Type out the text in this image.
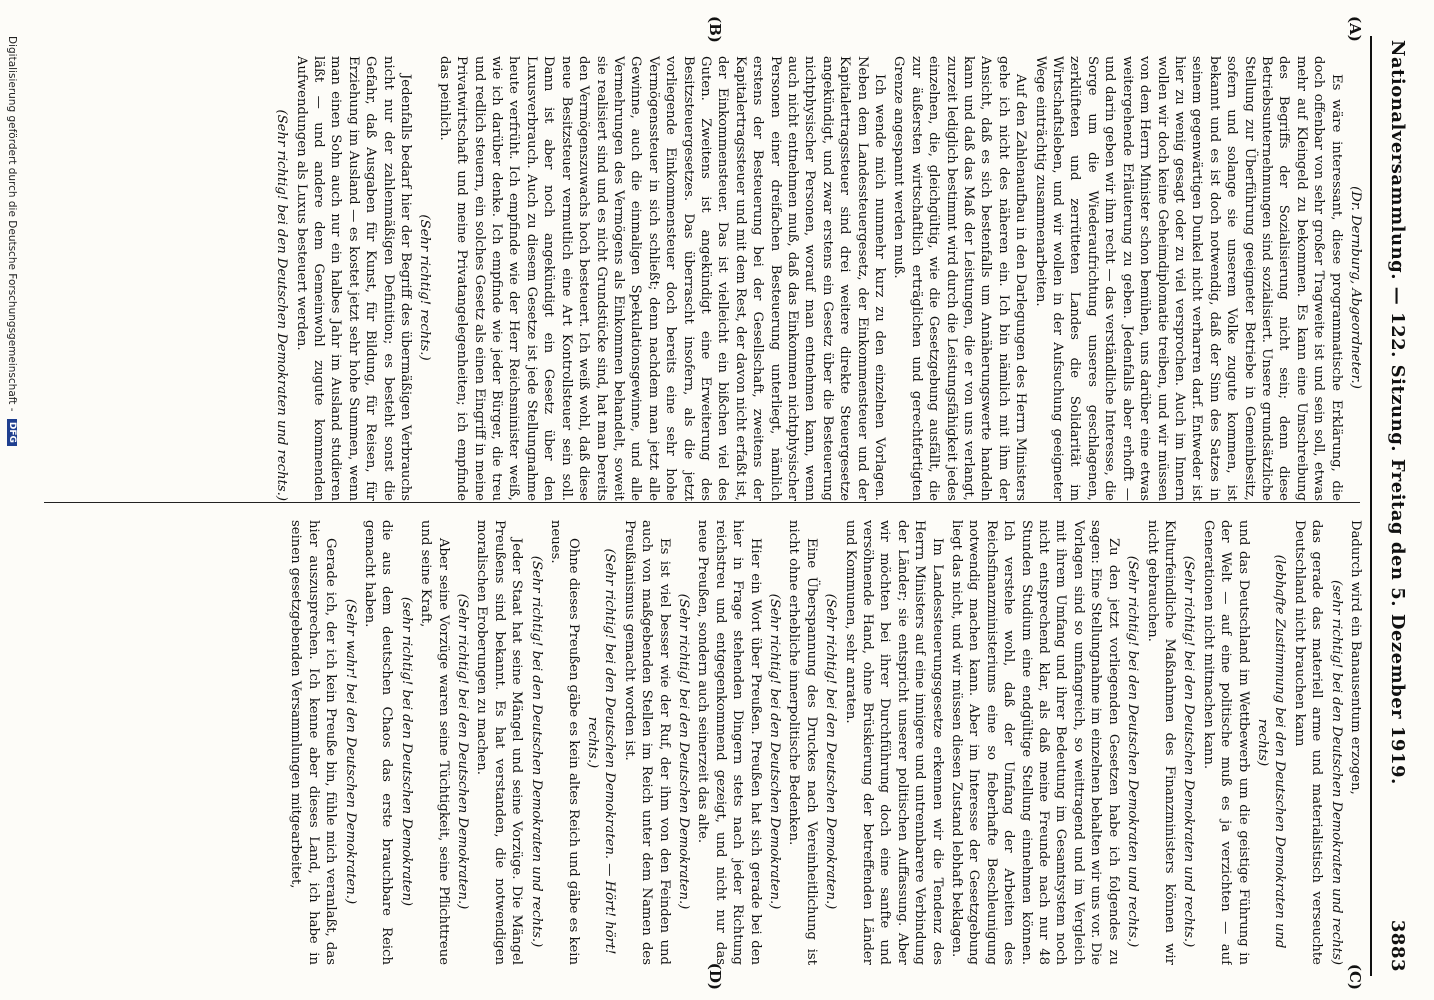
Nationalversammlung. — 122. Sitzung. Freitag den 5. Dezember 1919.
3883
(A)
(B)
(C)
(D)

(Dr. Dernburg, Abgeordneter.)

Es wäre interessant, diese programmatische Erklärung, die doch offenbar von sehr großer Tragweite ist und sein soll, etwas mehr auf Kleingeld zu bekommen. Es kann eine Umschreibung des Begriffs der Sozialisierung nicht sein; denn diese Betriebsunternehmungen sind sozialisiert. Unsere grundsätzliche Stellung zur Überführung geeigneter Betriebe in Gemeinbesitz, sofern und solange sie unserem Volke zugute kommen, ist bekannt und es ist doch notwendig, daß der Sinn des Satzes in seinem gegenwärtigen Dunkel nicht verharren darf. Entweder ist hier zu wenig gesagt oder zu viel versprochen. Auch im Innern wollen wir doch keine Geheimdiplomatie treiben, und wir müssen von dem Herrn Minister schon bemühen, uns darüber eine etwas weitergehende Erläuterung zu geben. Jedenfalls aber erhofft — und darin geben wir ihm recht — das verständliche Interesse, die Sorge um die Wiederaufrichtung unseres geschlagenen, zerklüfteten und zerrütteten Landes die Solidarität im Wirtschaftsleben, und wir wollen in der Aufsuchung geeigneter Wege einträchtig zusammenarbeiten.

Auf den Zahlenaufbau in den Darlegungen des Herrn Ministers gehe ich nicht des näheren ein. Ich bin nämlich mit ihm der Ansicht, daß es sich bestenfalls um Annäherungswerte handeln kann und daß das Maß der Leistungen, die er von uns verlangt, zurzeit lediglich bestimmt wird durch die Leistungsfähigkeit jedes einzelnen, die, gleichgültig, wie die Gesetzgebung ausfällt, die zur äußersten wirtschaftlich erträglichen und gerechtfertigten Grenze angespannt werden muß.

Ich wende mich nunmehr kurz zu den einzelnen Vorlagen. Neben dem Landessteuergesetz, der Einkommensteuer und der Kapitalertragssteuer sind drei weitere direkte Steuergesetze angekündigt, und zwar erstens ein Gesetz über die Besteuerung nichtphysischer Personen, worauf man entnehmen kann, wenn auch nicht entnehmen muß, daß das Einkommen nichtphysischer Personen einer dreifachen Besteuerung unterliegt, nämlich erstens der Besteuerung bei der Gesellschaft, zweitens der Kapitalertragssteuer und mit dem Rest, der davon nicht erfaßt ist, der Einkommensteuer. Das ist vielleicht ein bißchen viel des Guten. Zweitens ist angekündigt eine Erweiterung des Besitzsteuergesetzes. Das überrascht insofern, als die jetzt vorliegende Einkommensteuer doch bereits eine sehr hohe Vermögenssteuer in sich schließt; denn nachdem man jetzt alle Gewinne, auch die einmaligen Spekulationsgewinne, und alle Vermehrungen des Vermögens als Einkommen behandelt, soweit sie realisiert sind und es nicht Grundstücke sind, hat man bereits den Vermögenszuwachs hoch besteuert. Ich weiß wohl, daß diese neue Besitzsteuer vermutlich eine Art Kontrollsteuer sein soll. Dann ist aber noch angekündigt ein Gesetz über den Luxusverbrauch. Auch zu diesem Gesetze ist jede Stellungnahme heute verfrüht. Ich empfinde wie der Herr Reichsminister weiß, wie ich darüber denke. Ich empfinde wie jeder Bürger, die treu und redlich steuern, ein solches Gesetz als einen Eingriff in meine Privatwirtschaft und meine Privatangelegenheiten; ich empfinde das peinlich.

(Sehr richtig! rechts.)

Jedenfalls bedarf hier der Begriff des übermäßigen Verbrauchs nicht nur der zahlenmäßigen Definition; es besteht sonst die Gefahr, daß Ausgaben für Kunst, für Bildung, für Reisen, für Erziehung im Ausland — es kostet jetzt sehr hohe Summen, wenn man einen Sohn auch nur ein halbes Jahr im Ausland studieren läßt — und andere dem Gemeinwohl zugute kommenden Aufwendungen als Luxus besteuert werden.

(Sehr richtig! bei den Deutschen Demokraten und rechts.)

Dadurch wird ein Banausentum erzogen,

(sehr richtig! bei den Deutschen Demokraten und rechts)

das gerade das materiell arme und materialistisch verseuchte Deutschland nicht brauchen kann

(lebhafte Zustimmung bei den Deutschen Demokraten und rechts)

und das Deutschland im Wettbewerb um die geistige Führung in der Welt — auf eine politische muß es ja verzichten — auf Generationen nicht mitmachen kann.

(Sehr richtig! bei den Deutschen Demokraten und rechts.)

Kulturfeindliche Maßnahmen des Finanzministers können wir nicht gebrauchen.

(Sehr richtig! bei den Deutschen Demokraten und rechts.)

Zu den jetzt vorliegenden Gesetzen habe ich folgendes zu sagen: Eine Stellungnahme im einzelnen behalten wir uns vor. Die Vorlagen sind so umfangreich, so weittragend und im Vergleich mit ihrem Umfang und ihrer Bedeutung im Gesamtsystem noch nicht entsprechend klar, als daß meine Freunde nach nur 48 Stunden Studium eine endgültige Stellung einnehmen können. Ich verstehe wohl, daß der Umfang der Arbeiten des Reichsfinanzministeriums eine so fieberhafte Beschleunigung notwendig machen kann. Aber im Interesse der Gesetzgebung liegt das nicht, und wir müssen diesen Zustand lebhaft beklagen.

Im Landessteuerungsgesetze erkennen wir die Tendenz des Herrn Ministers auf eine innigere und untrennbarere Verbindung der Länder; sie entspricht unserer politischen Auffassung. Aber wir möchten bei ihrer Durchführung doch eine sanfte und versöhnende Hand, ohne Brüskierung der betreffenden Länder und Kommunen, sehr anraten.

(Sehr richtig! bei den Deutschen Demokraten.)

Eine Überspannung des Druckes nach Vereinheitlichung ist nicht ohne erhebliche innerpolitische Bedenken.

(Sehr richtig! bei den Deutschen Demokraten.)

Hier ein Wort über Preußen. Preußen hat sich gerade bei den hier in Frage stehenden Dingern stets nach jeder Richtung reichstreu und entgegenkommend gezeigt, und nicht nur das neue Preußen, sondern auch seinerzeit das alte.

(Sehr richtig! bei den Deutschen Demokraten.)

Es ist viel besser wie der Ruf, der ihm von den Feinden und auch von maßgebenden Stellen im Reich unter dem Namen des Preußianismus gemacht worden ist.

(Sehr richtig! bei den Deutschen Demokraten. — Hört! hört! rechts.)

Ohne dieses Preußen gäbe es kein altes Reich und gäbe es kein neues.

(Sehr richtig! bei den Deutschen Demokraten und rechts.)

Jeder Staat hat seine Mängel und seine Vorzüge. Die Mängel Preußens sind bekannt. Es hat verstanden, die notwendigen moralischen Eroberungen zu machen.

(Sehr richtig! bei den Deutschen Demokraten.)

Aber seine Vorzüge waren seine Tüchtigkeit, seine Pflichttreue und seine Kraft,

(sehr richtig! bei den Deutschen Demokraten)

die aus dem deutschen Chaos das erste brauchbare Reich gemacht haben.

(Sehr wahr! bei den Deutschen Demokraten.)

Gerade ich, der ich kein Preuße bin, fühle mich veranlaßt, das hier auszusprechen. Ich kenne aber dieses Land, ich habe in seinen gesetzgebenden Versammlungen mitgearbeitet,

Digitalisierung gefördert durch die Deutsche Forschungsgemeinschaft - DFG
